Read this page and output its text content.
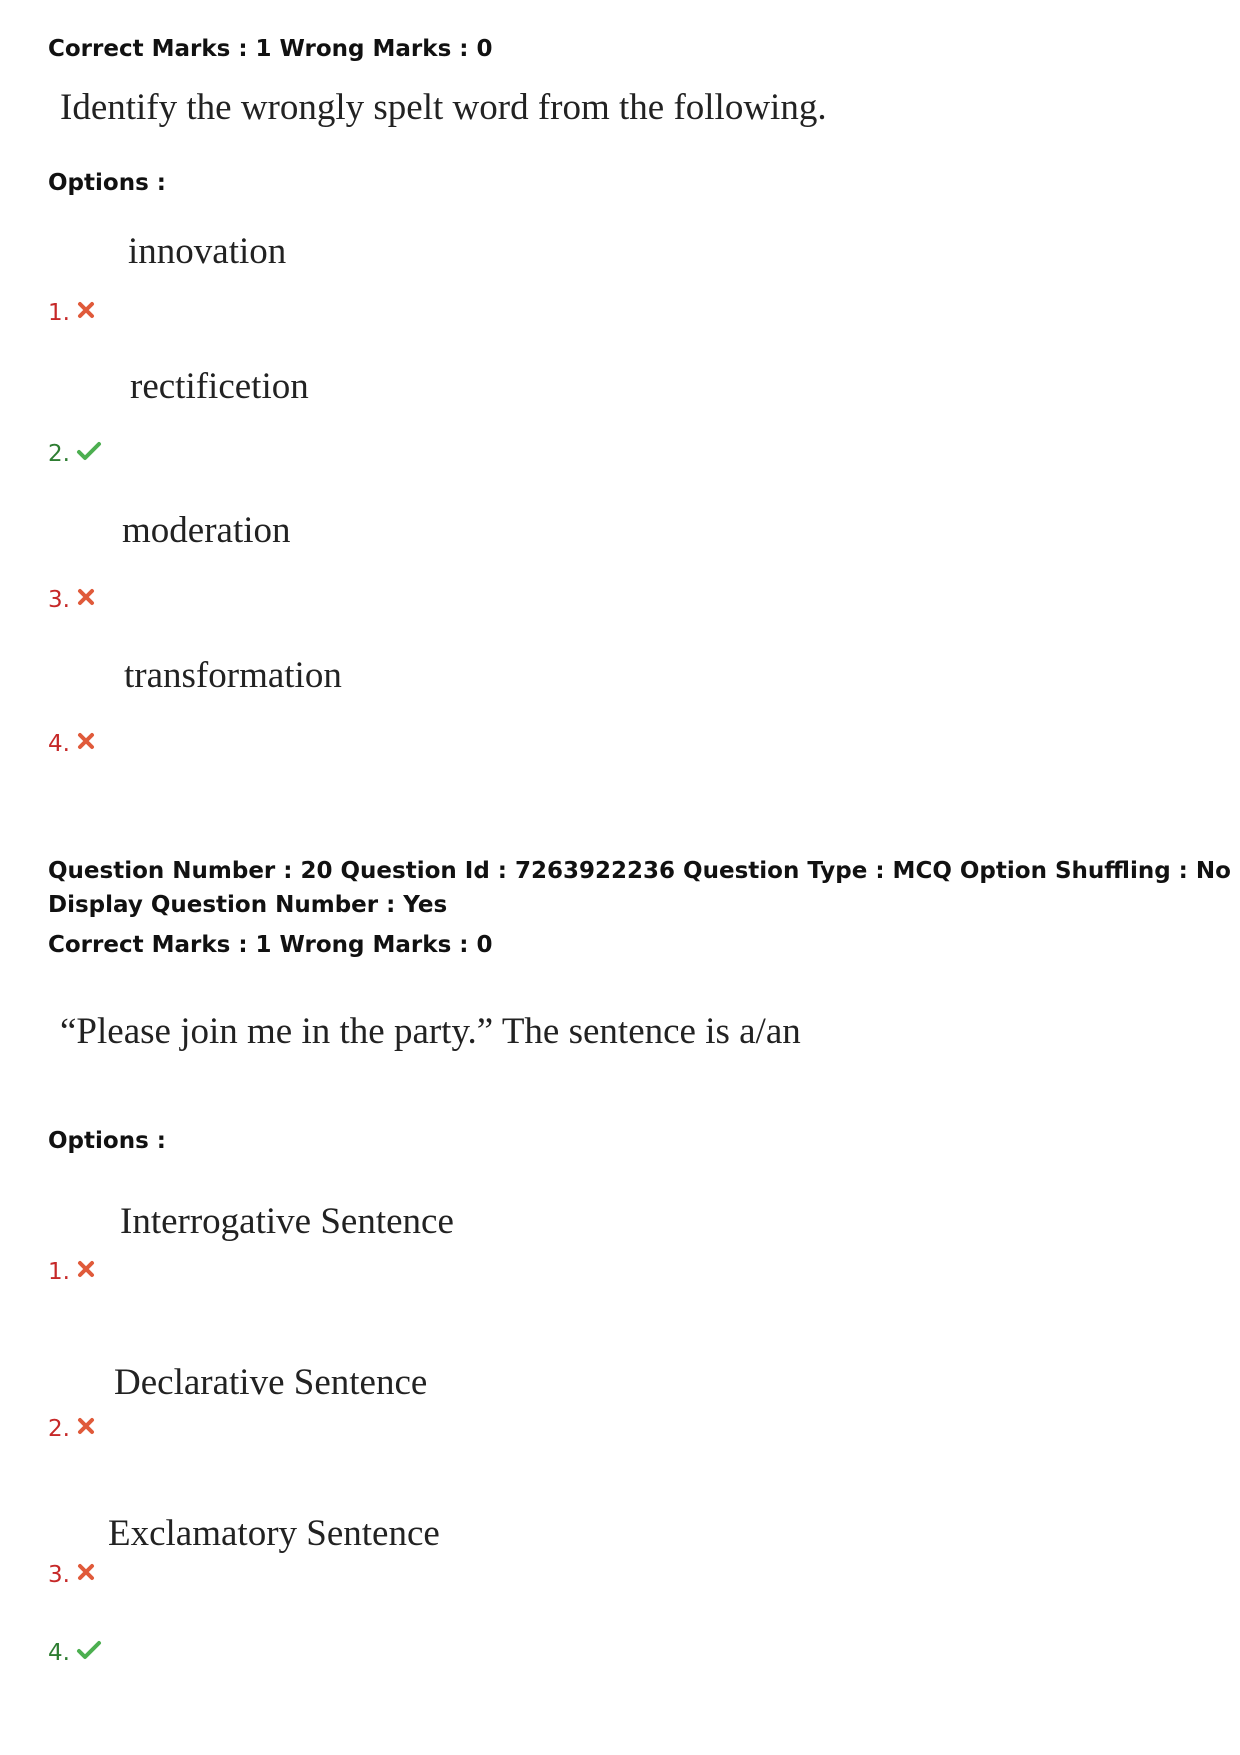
Correct Marks : 1 Wrong Marks : 0
Identify the wrongly spelt word from the following.
Options :
innovation
1.
rectificetion
2.
moderation
3.
transformation
4.
Question Number : 20 Question Id : 7263922236 Question Type : MCQ Option Shuffling : No
Display Question Number : Yes
Correct Marks : 1 Wrong Marks : 0
“Please join me in the party.” The sentence is a/an
Options :
Interrogative Sentence
1.
Declarative Sentence
2.
Exclamatory Sentence
3.
4.
